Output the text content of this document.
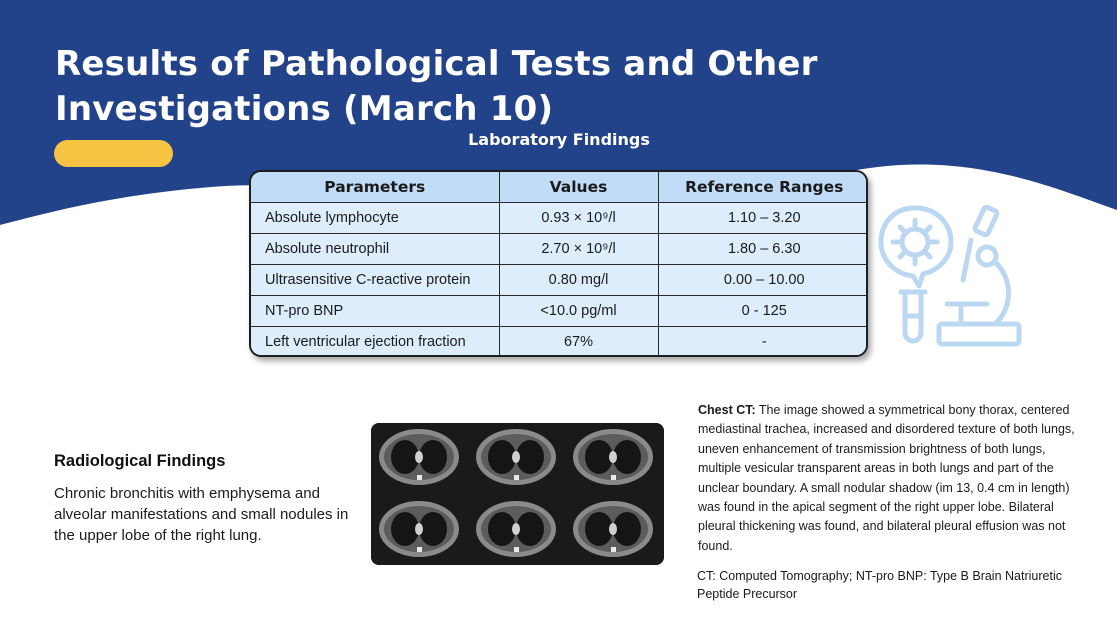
Results of Pathological Tests and Other Investigations (March 10)
Laboratory Findings
Parameters	Values	Reference Ranges
Absolute lymphocyte	0.93 × 10⁹/l	1.10 – 3.20
Absolute neutrophil	2.70 × 10⁹/l	1.80 – 6.30
Ultrasensitive C-reactive protein	0.80 mg/l	0.00 – 10.00
NT-pro BNP	<10.0 pg/ml	0 - 125
Left ventricular ejection fraction	67%	-
Radiological Findings
Chronic bronchitis with emphysema and alveolar manifestations and small nodules in the upper lobe of the right lung.
Chest CT: The image showed a symmetrical bony thorax, centered mediastinal trachea, increased and disordered texture of both lungs, uneven enhancement of transmission brightness of both lungs, multiple vesicular transparent areas in both lungs and part of the unclear boundary. A small nodular shadow (im 13, 0.4 cm in length) was found in the apical segment of the right upper lobe. Bilateral pleural thickening was found, and bilateral pleural effusion was not found.
CT: Computed Tomography; NT-pro BNP: Type B Brain Natriuretic Peptide Precursor
